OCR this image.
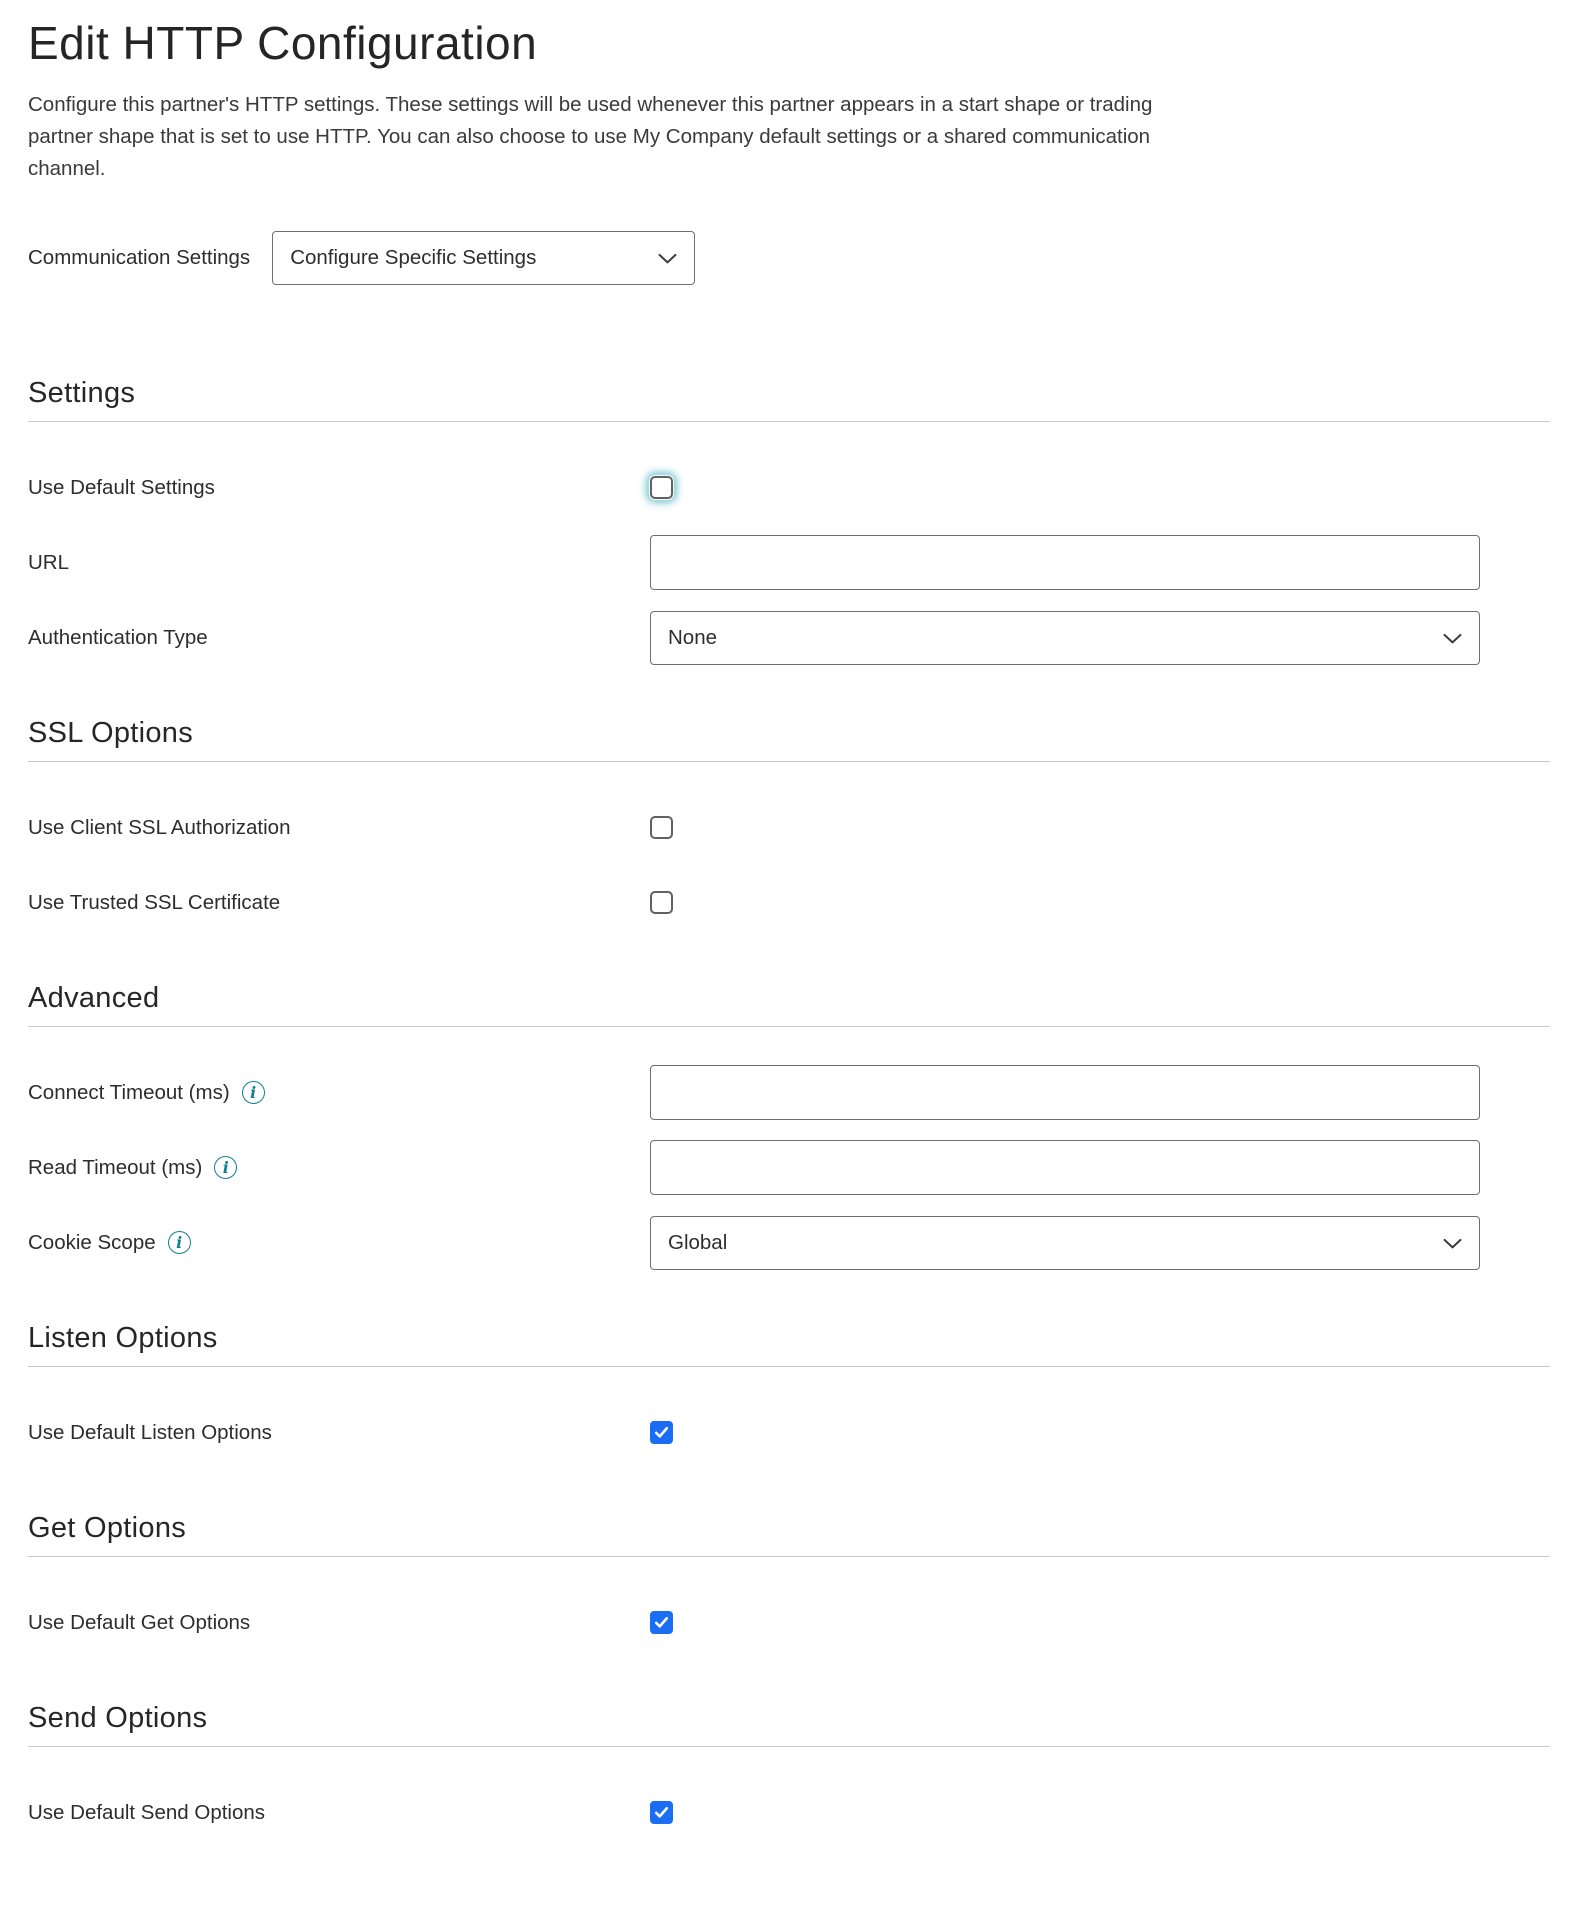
Edit HTTP Configuration
Configure this partner's HTTP settings. These settings will be used whenever this partner appears in a start shape or trading
partner shape that is set to use HTTP. You can also choose to use My Company default settings or a shared communication
channel.
Communication Settings Configure Specific Settings
Settings
Use Default Settings
URL
Authentication Type	None
SSL Options
Use Client SSL Authorization
Use Trusted SSL Certificate
Advanced
Connect Timeout (ms) i
Read Timeout (ms) i
Cookie Scope i	Global
Listen Options
Use Default Listen Options
Get Options
Use Default Get Options
Send Options
Use Default Send Options
